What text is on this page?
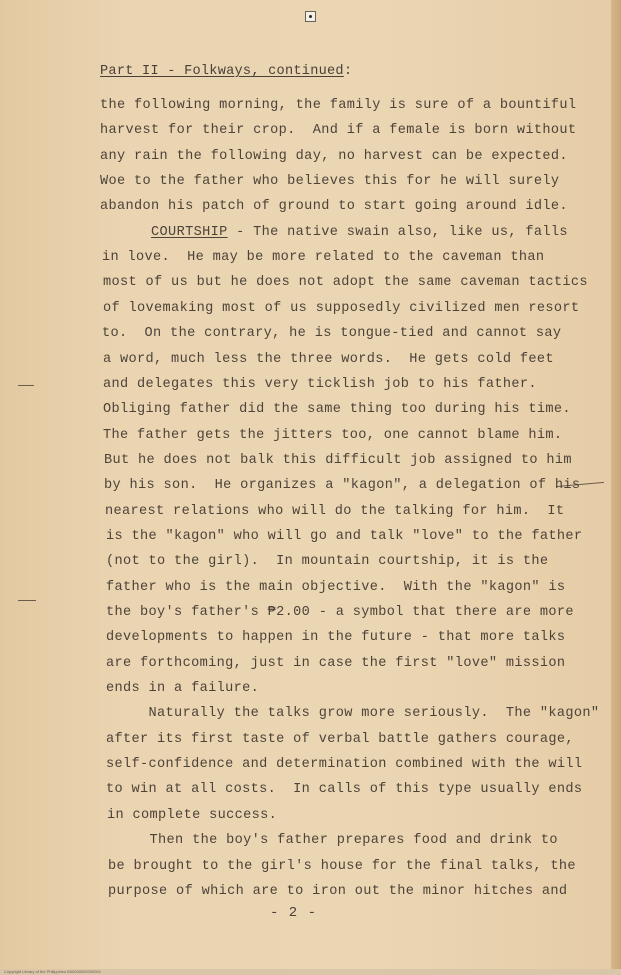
Part II - Folkways, continued:
the following morning, the family is sure of a bountiful
harvest for their crop.  And if a female is born without
any rain the following day, no harvest can be expected.
Woe to the father who believes this for he will surely
abandon his patch of ground to start going around idle.
COURTSHIP - The native swain also, like us, falls
in love.  He may be more related to the caveman than
most of us but he does not adopt the same caveman tactics
of lovemaking most of us supposedly civilized men resort
to.  On the contrary, he is tongue-tied and cannot say
a word, much less the three words.  He gets cold feet
and delegates this very ticklish job to his father.
Obliging father did the same thing too during his time.
The father gets the jitters too, one cannot blame him.
But he does not balk this difficult job assigned to him
by his son.  He organizes a "kagon", a delegation of his
nearest relations who will do the talking for him.  It
is the "kagon" who will go and talk "love" to the father
(not to the girl).  In mountain courtship, it is the
father who is the main objective.  With the "kagon" is
the boy's father's ₱2.00 - a symbol that there are more
developments to happen in the future - that more talks
are forthcoming, just in case the first "love" mission
ends in a failure.
Naturally the talks grow more seriously.  The "kagon"
after its first taste of verbal battle gathers courage,
self-confidence and determination combined with the will
to win at all costs.  In calls of this type usually ends
in complete success.
Then the boy's father prepares food and drink to
be brought to the girl's house for the final talks, the
purpose of which are to iron out the minor hitches and
- 2 -
Copyright Library of the Philippines B00000000000001
